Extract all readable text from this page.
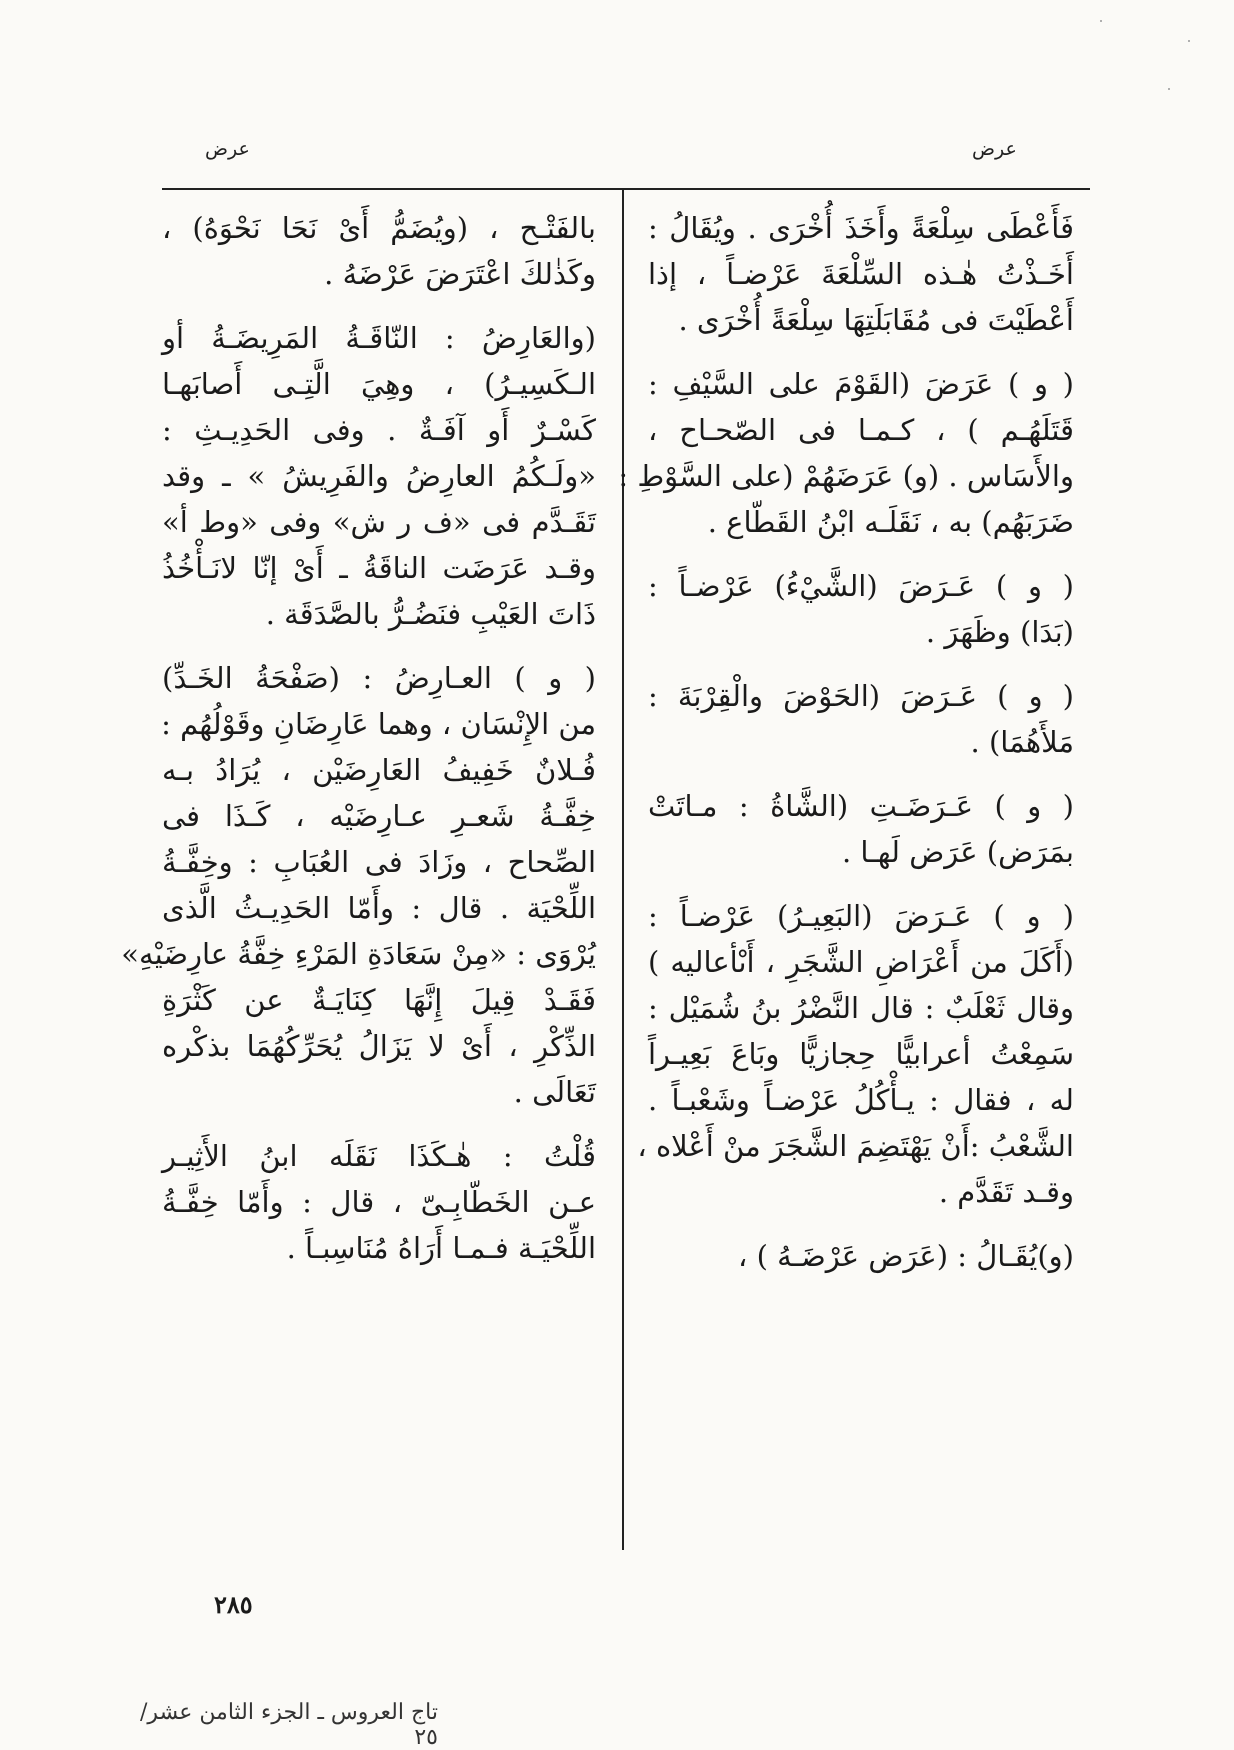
عرض
عرض
فَأَعْطَى سِلْعَةً وأَخَذَ أُخْرَى . ويُقَالُ :
أَخَـذْتُ هٰـذه السِّلْعَةَ عَرْضـاً ، إذا
أَعْطَيْتَ فى مُقَابَلَتِهَا سِلْعَةً أُخْرَى .
( و ) عَرَضَ (القَوْمَ على السَّيْفِ :
قَتَلَهُـم ) ، كـمـا فى الصّحـاح ،
والأَسَاس . (و) عَرَضَهُمْ (على السَّوْطِ :
ضَرَبَهُم) به ، نَقَلَـه ابْنُ القَطّاع .
( و ) عَـرَضَ (الشَّيْءُ) عَرْضـاً :
(بَدَا) وظَهَرَ .
( و ) عَـرَضَ (الحَوْضَ والْقِرْبَةَ :
مَلأَهُمَا) .
( و ) عَـرَضَـتِ (الشَّاةُ : مـاتَتْ
بمَرَض) عَرَض لَهـا .
( و ) عَـرَضَ (البَعِيـرُ) عَرْضـاً :
(أَكَلَ من أَعْرَاضِ الشَّجَرِ ، أَىْأعاليه )
وقال ثَعْلَبٌ : قال النَّضْرُ بنُ شُمَيْل :
سَمِعْتُ أعرابيًّا حِجازيًّا وبَاعَ بَعِيـراً
له ، فقال : يـأْكُلُ عَرْضـاً وشَعْبـاً .
الشَّعْبُ :أَنْ يَهْتَضِمَ الشَّجَرَ منْ أَعْلاه ،
وقـد تَقَدَّم .
(و)يُقَـالُ : (عَرَض عَرْضَـهُ ) ،
بالفَتْـح ، (ويُضَمُّ أَىْ نَحَا نَحْوَهُ) ،
وكَذٰلكَ اعْتَرَضَ عَرْضَهُ .
(والعَارِضُ : النّاقَـةُ المَرِيضَـةُ أو
الـكَسِيـرُ) ، وهِيَ الَّتِـى أَصابَهـا
كَسْـرٌ أَو آفَـةٌ . وفى الحَدِيـثِ :
«ولَـكُمُ العارِضُ والفَرِيشُ » ـ وقد
تَقَـدَّم فى «ف ر ش» وفى «وط أ»
وقـد عَرَضَت الناقَةُ ـ أَىْ إنّا لانَـأْخُذُ
ذَاتَ العَيْبِ فنَضُـرُّ بالصَّدَقَة .
( و ) العـارِضُ : (صَفْحَةُ الخَـدِّ)
من الإِنْسَان ، وهما عَارِضَانِ وقَوْلُهُم :
فُـلانٌ خَفِيفُ العَارِضَيْن ، يُرَادُ بـه
خِفَّـةُ شَعـرِ عـارِضَيْه ، كَـذَا فى
الصِّحاح ، وزَادَ فى العُبَابِ : وخِفَّـةُ
اللِّحْيَة . قال : وأَمّا الحَدِيـثُ الَّذى
يُرْوَى : «مِنْ سَعَادَةِ المَرْءِ خِفَّةُ عارِضَيْهِ»
فَقَـدْ قِيلَ إِنَّهَا كِنَايَـةٌ عن كَثْرَةِ
الذِّكْرِ ، أَىْ لا يَزَالُ يُحَرِّكُهُمَا بذكْره
تَعَالَى .
قُلْتُ : هٰـكَذَا نَقَلَه ابنُ الأَثِيـر
عـن الخَطّابِـىّ ، قال : وأَمّا خِفَّـةُ
اللِّحْيَـة فـمـا أَرَاهُ مُنَاسِبـاً .
٢٨٥
تاج العروس ـ الجزء الثامن عشر/ ٢٥
